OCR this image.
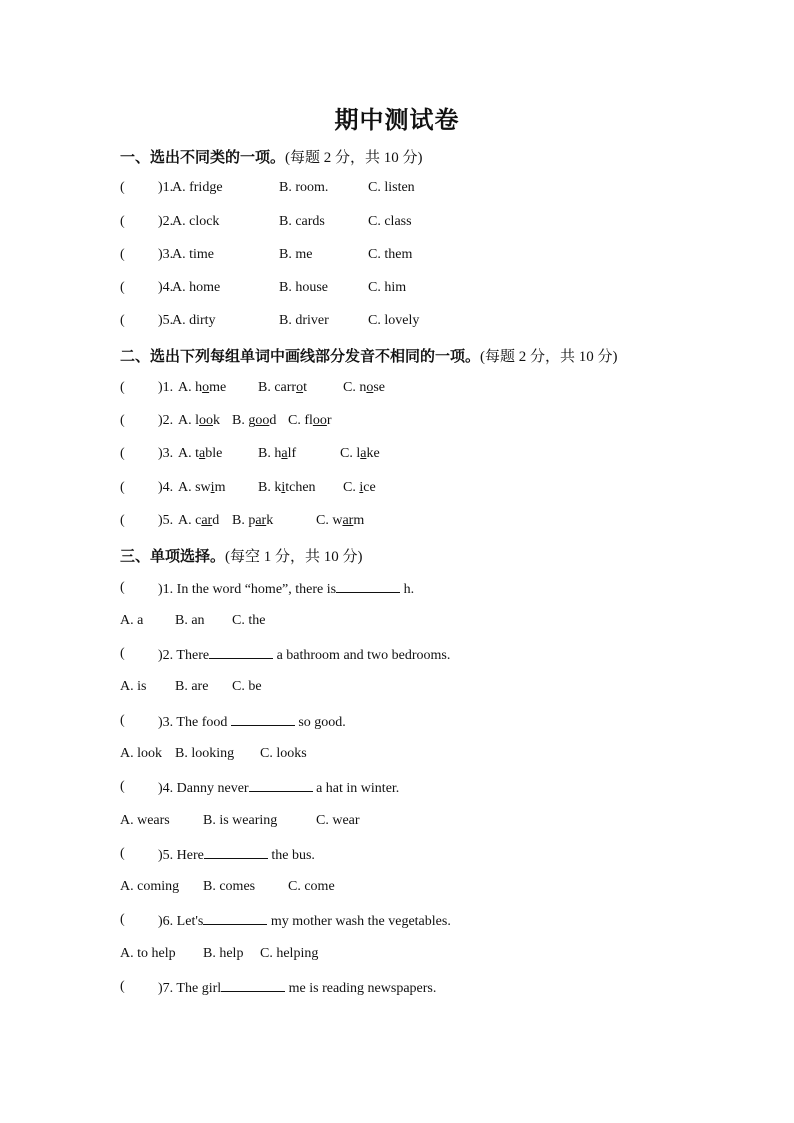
期中测试卷
一、选出不同类的一项。(每题 2 分，共 10 分)
( )1.
A. fridge	B. room.	C. listen
( )2.
A. clock	B. cards	C. class
( )3.
A. time	B. me	C. them
( )4.
A. home	B. house	C. him
( )5.
A. dirty	B. driver	C. lovely
二、选出下列每组单词中画线部分发音不相同的一项。(每题 2 分，共 10 分)
( )1. A. home B. carrot	C. nose
( )2. A. look B. good C. floor
( )3. A. table	B. half	C. lake
( )4. A. swim B. kitchen C. ice
( )5. A. card B. park	C. warm
三、单项选择。(每空 1 分，共 10 分)
( )1. In the word “home”, there is	h.
A. a B. an C. the
( )2. There	a bathroom and two bedrooms.
A. is B. are C. be
( )3. The food	so good.
A. look B. looking C. looks
( )4. Danny never	a hat in winter.
A. wears B. is wearing	C. wear
( )5. Here	the bus.
A. coming B. comes C. come
( )6. Let's	my mother wash the vegetables.
A. to help B. help C. helping
( )7. The girl	me is reading newspapers.
